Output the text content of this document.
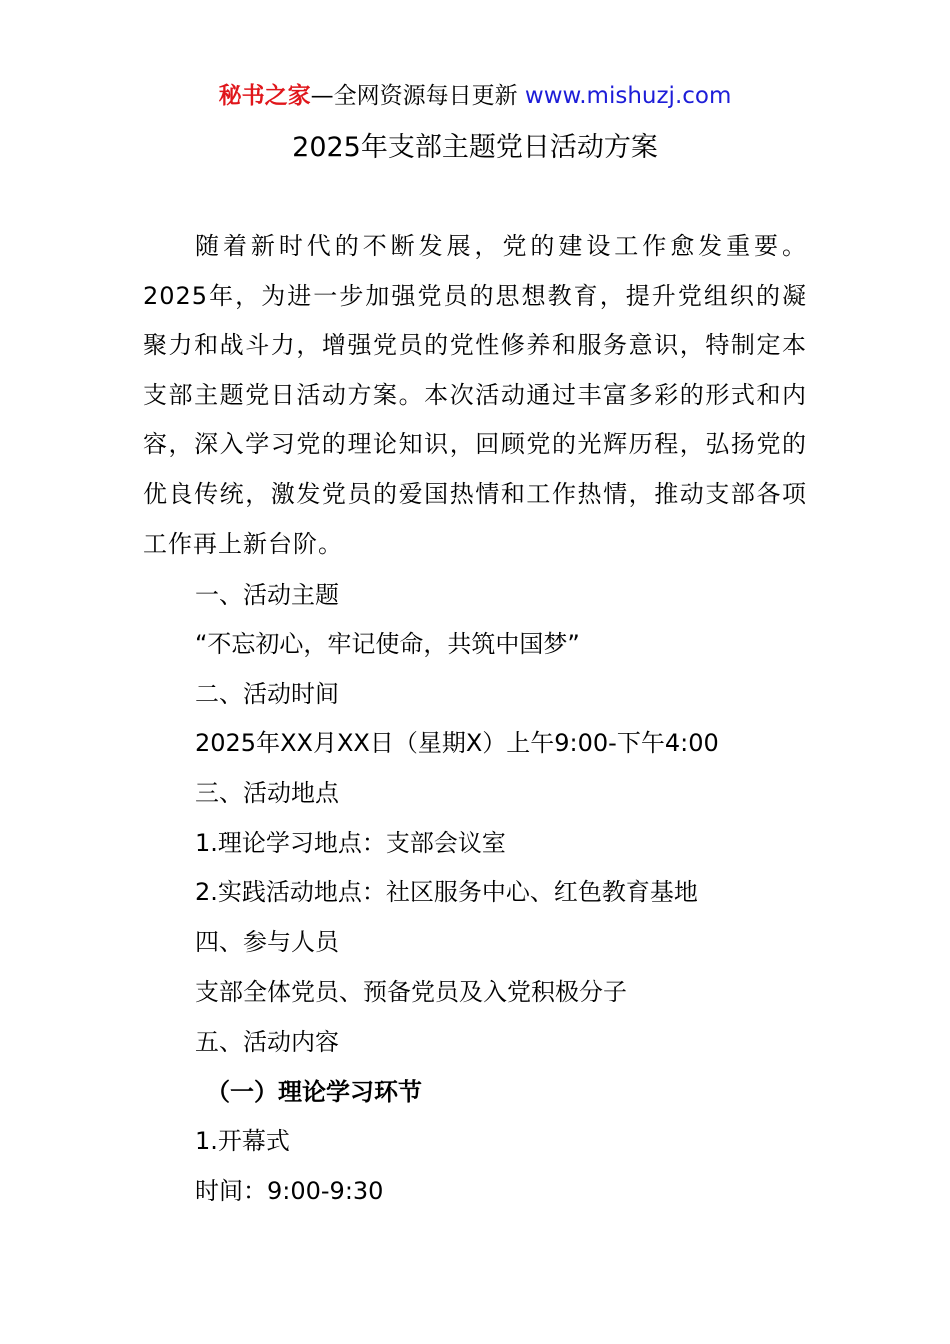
秘书之家—全网资源每日更新 www.mishuzj.com
2025年支部主题党日活动方案

随着新时代的不断发展，党的建设工作愈发重要。2025年，为进一步加强党员的思想教育，提升党组织的凝聚力和战斗力，增强党员的党性修养和服务意识，特制定本支部主题党日活动方案。本次活动通过丰富多彩的形式和内容，深入学习党的理论知识，回顾党的光辉历程，弘扬党的优良传统，激发党员的爱国热情和工作热情，推动支部各项工作再上新台阶。

一、活动主题

“不忘初心，牢记使命，共筑中国梦”

二、活动时间

2025年XX月XX日（星期X）上午9:00-下午4:00

三、活动地点

1.理论学习地点：支部会议室

2.实践活动地点：社区服务中心、红色教育基地

四、参与人员

支部全体党员、预备党员及入党积极分子

五、活动内容

（一）理论学习环节

1.开幕式

时间：9:00-9:30
